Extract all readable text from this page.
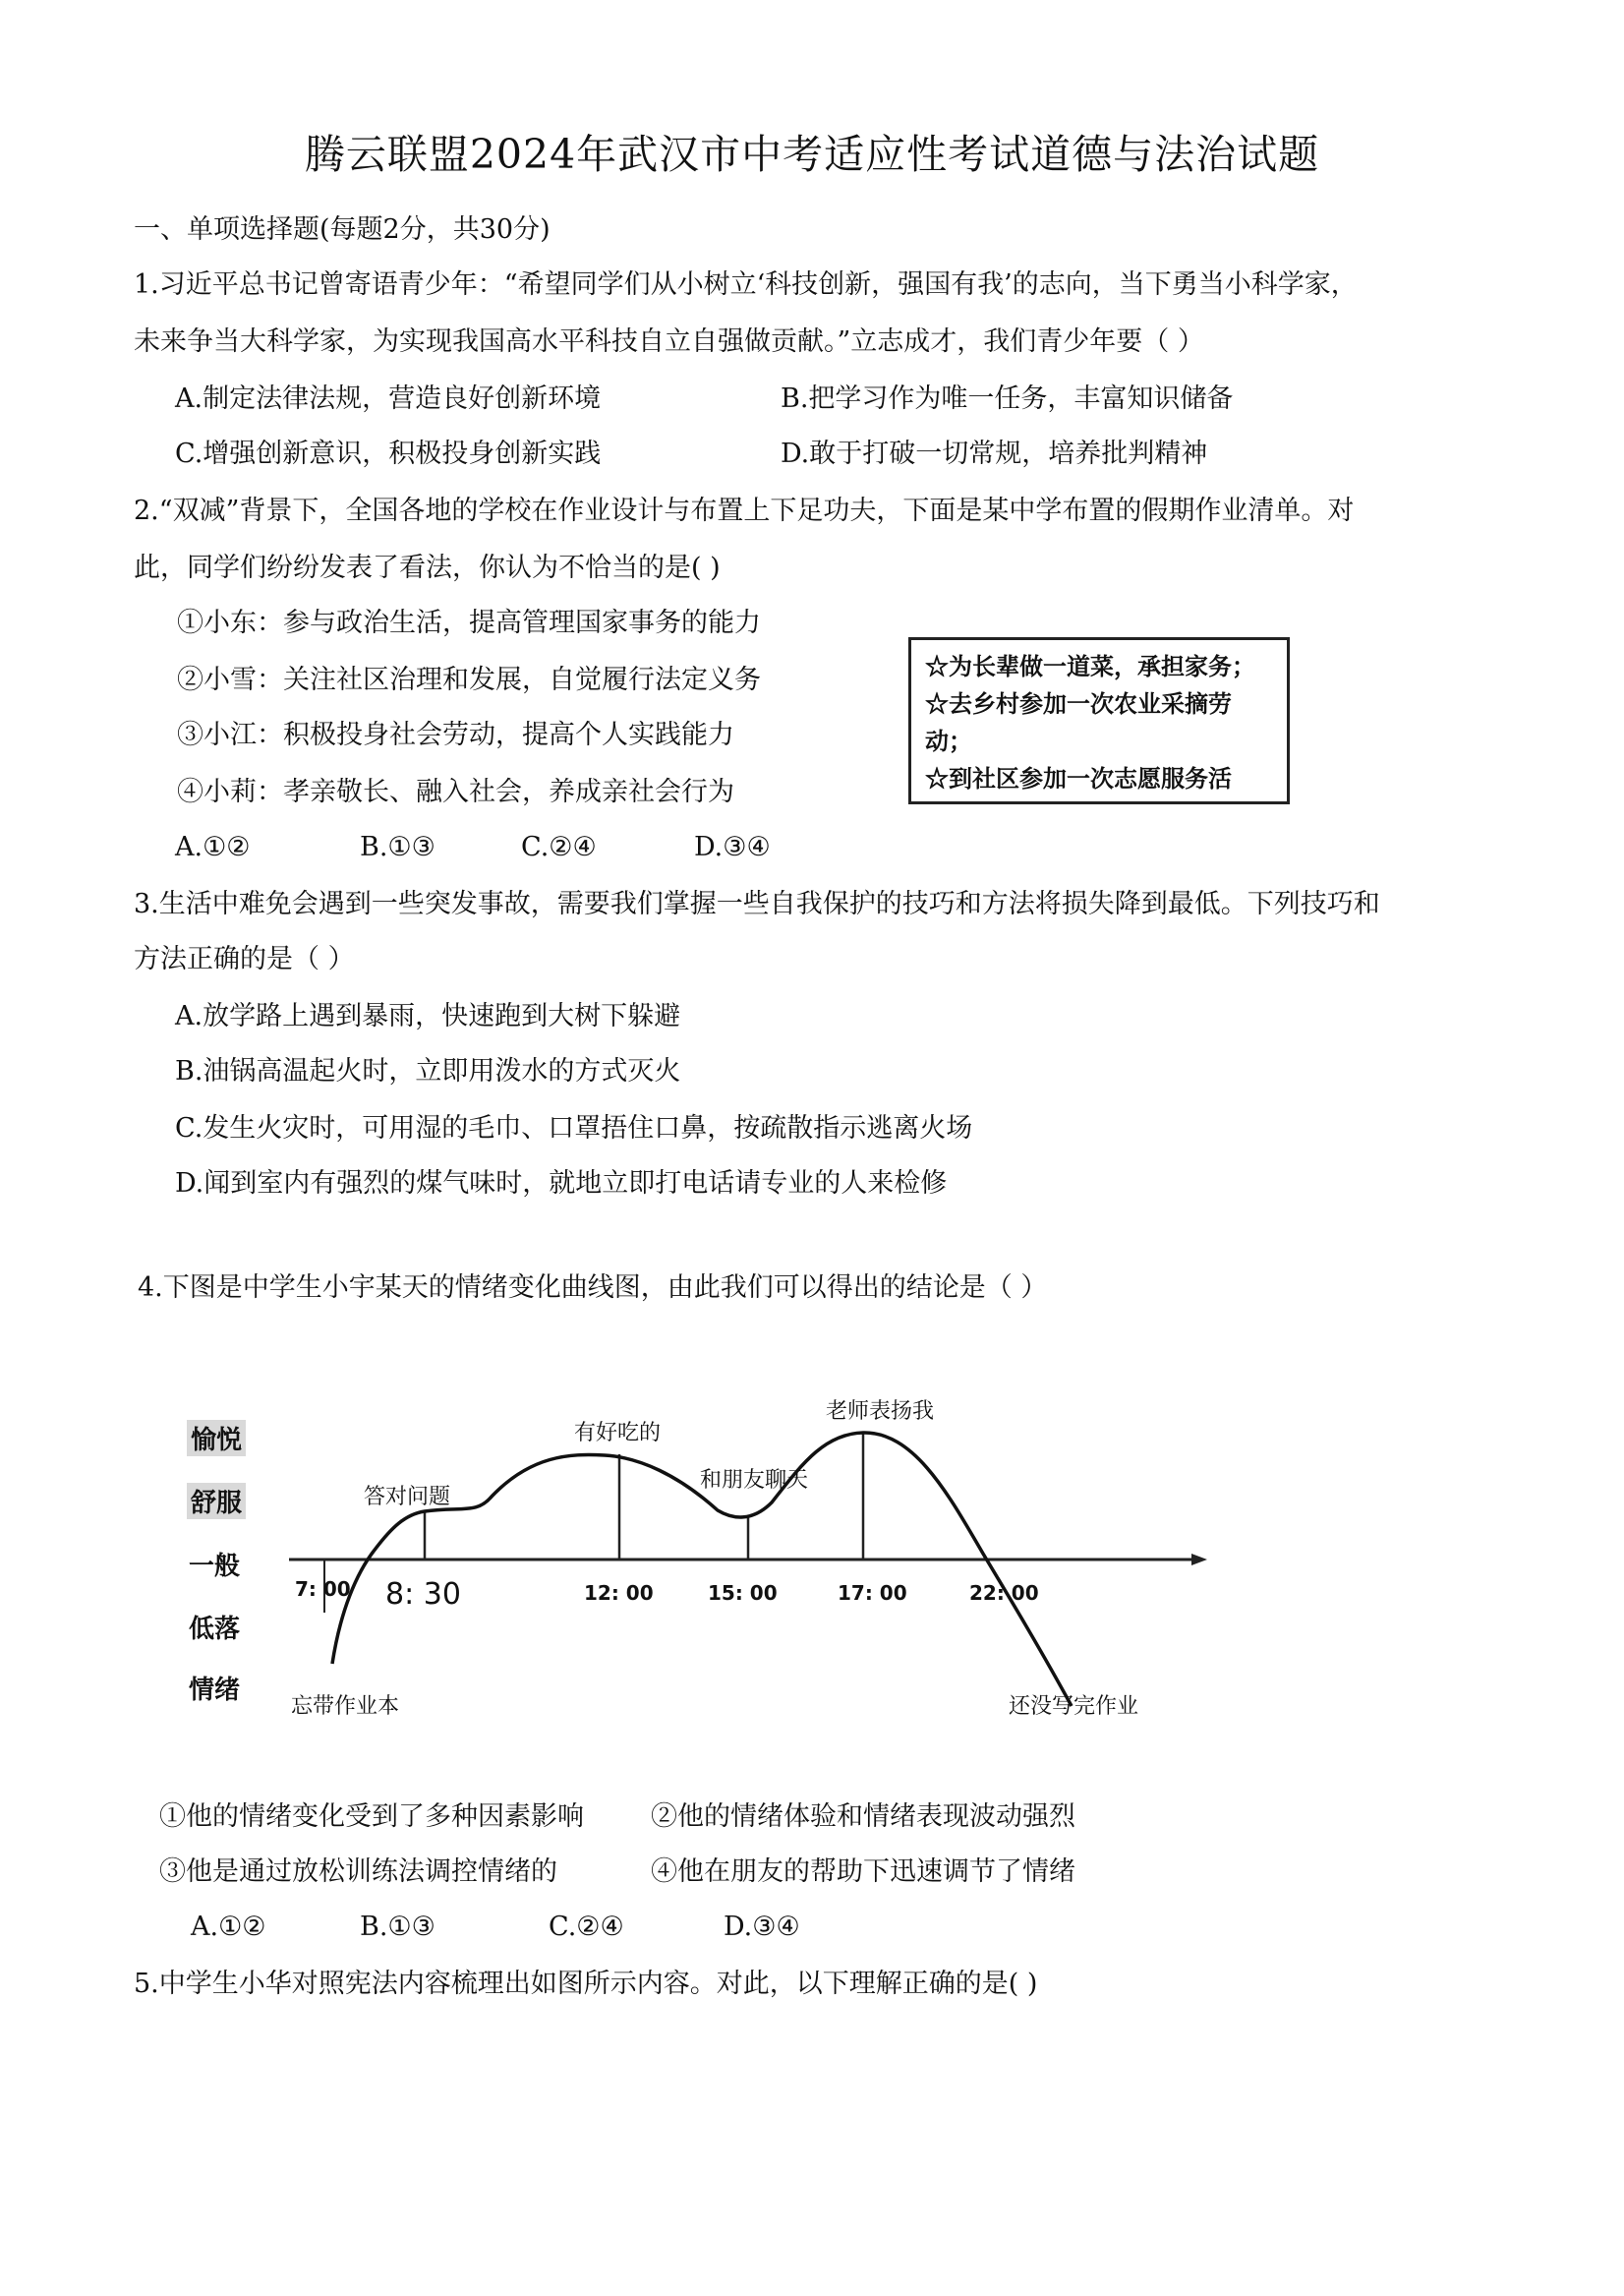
腾云联盟2024年武汉市中考适应性考试道德与法治试题
一、单项选择题(每题2分，共30分)
1.习近平总书记曾寄语青少年：“希望同学们从小树立‘科技创新，强国有我’的志向，当下勇当小科学家，
未来争当大科学家，为实现我国高水平科技自立自强做贡献。”立志成才，我们青少年要（ ）
A.制定法律法规，营造良好创新环境	B.把学习作为唯一任务，丰富知识储备
C.增强创新意识，积极投身创新实践	D.敢于打破一切常规，培养批判精神
2.“双减”背景下，全国各地的学校在作业设计与布置上下足功夫，下面是某中学布置的假期作业清单。对
此，同学们纷纷发表了看法，你认为不恰当的是( )
①小东：参与政治生活，提高管理国家事务的能力
②小雪：关注社区治理和发展，自觉履行法定义务
③小江：积极投身社会劳动，提高个人实践能力
④小莉：孝亲敬长、融入社会，养成亲社会行为
☆为长辈做一道菜，承担家务；
☆去乡村参加一次农业采摘劳
动；
☆到社区参加一次志愿服务活
A.①②	B.①③	C.②④	D.③④
3.生活中难免会遇到一些突发事故，需要我们掌握一些自我保护的技巧和方法将损失降到最低。下列技巧和
方法正确的是（ ）
A.放学路上遇到暴雨，快速跑到大树下躲避
B.油锅高温起火时，立即用泼水的方式灭火
C.发生火灾时，可用湿的毛巾、口罩捂住口鼻，按疏散指示逃离火场
D.闻到室内有强烈的煤气味时，就地立即打电话请专业的人来检修
4.下图是中学生小宇某天的情绪变化曲线图，由此我们可以得出的结论是（ ）
愉悦
舒服
一般
低落
情绪
7: 00 8: 30	12: 00	15: 00	17: 00	22: 00
忘带作业本
答对问题
有好吃的
和朋友聊天
老师表扬我
还没写完作业
①他的情绪变化受到了多种因素影响	②他的情绪体验和情绪表现波动强烈
③他是通过放松训练法调控情绪的	④他在朋友的帮助下迅速调节了情绪
A.①②	B.①③	C.②④	D.③④
5.中学生小华对照宪法内容梳理出如图所示内容。对此，以下理解正确的是( )
